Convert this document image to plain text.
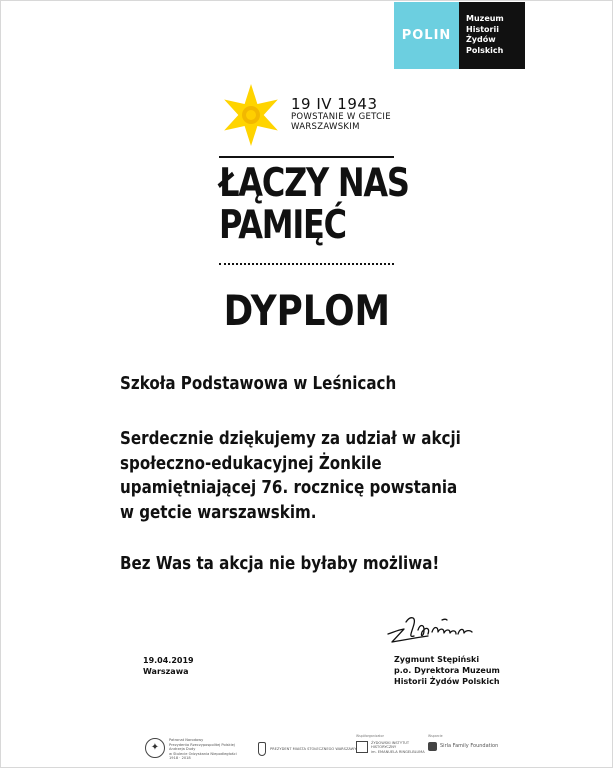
POLIN
Muzeum
Historii
Żydów
Polskich
19 IV 1943
POWSTANIE W GETCIE
WARSZAWSKIM
ŁĄCZY NAS
PAMIĘĆ
DYPLOM
Szkoła Podstawowa w Leśnicach
Serdecznie dziękujemy za udział w akcji
społeczno-edukacyjnej Żonkile
upamiętniającej 76. rocznicę powstania
w getcie warszawskim.
Bez Was ta akcja nie byłaby możliwa!
19.04.2019
Warszawa
Zygmunt Stępiński
p.o. Dyrektora Muzeum
Historii Żydów Polskich
✦
Patronat Narodowy
Prezydenta Rzeczypospolitej Polskiej
Andrzeja Dudy
w Stulecie Odzyskania Niepodległości
1918 · 2018
PREZYDENT MIASTA STOŁECZNEGO WARSZAWY
Współorganizator
ŻYDOWSKI INSTYTUT
HISTORYCZNY
im. EMANUELA RINGELBLUMA
Wsparcie
Sirla Family Foundation
